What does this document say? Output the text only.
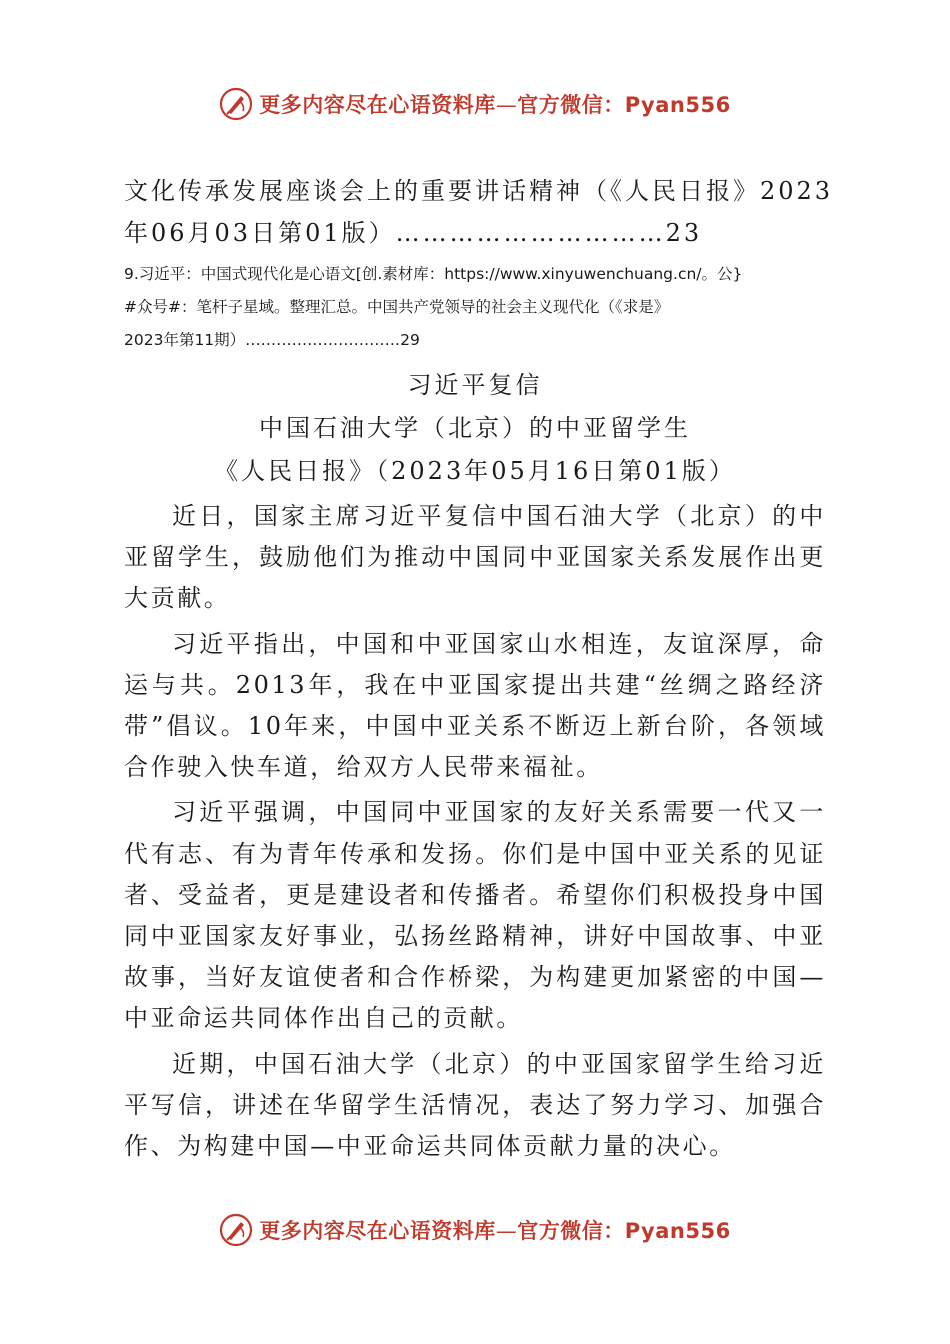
更多内容尽在心语资料库—官方微信：Pyan556
文化传承发展座谈会上的重要讲话精神（《人民日报》2023
年06月03日第01版）…………………………23
9.习近平：中国式现代化是心语文[创.素材库：https://www.xinyuwenchuang.cn/。公}
#众号#：笔杆子星域。整理汇总。中国共产党领导的社会主义现代化（《求是》
2023年第11期）…………………………29
习近平复信
中国石油大学（北京）的中亚留学生
《人民日报》（2023年05月16日第01版）

近日，国家主席习近平复信中国石油大学（北京）的中亚留学生，鼓励他们为推动中国同中亚国家关系发展作出更大贡献。

习近平指出，中国和中亚国家山水相连，友谊深厚，命运与共。2013年，我在中亚国家提出共建“丝绸之路经济带”倡议。10年来，中国中亚关系不断迈上新台阶，各领域合作驶入快车道，给双方人民带来福祉。

习近平强调，中国同中亚国家的友好关系需要一代又一代有志、有为青年传承和发扬。你们是中国中亚关系的见证者、受益者，更是建设者和传播者。希望你们积极投身中国同中亚国家友好事业，弘扬丝路精神，讲好中国故事、中亚故事，当好友谊使者和合作桥梁，为构建更加紧密的中国—中亚命运共同体作出自己的贡献。

近期，中国石油大学（北京）的中亚国家留学生给习近平写信，讲述在华留学生活情况，表达了努力学习、加强合作、为构建中国—中亚命运共同体贡献力量的决心。

更多内容尽在心语资料库—官方微信：Pyan556
